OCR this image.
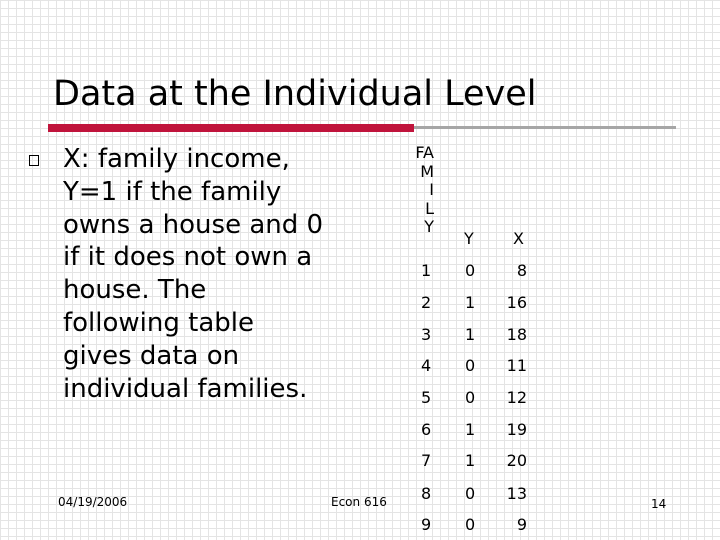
Data at the Individual Level
X: family income,
Y=1 if the family
owns a house and 0
if it does not own a
house. The
following table
gives data on
individual families.
FA
M
I
L
Y
Y X
1 0	8
2 1 16
3 1 18
4 0 11
5 0 12
6 1 19
7 1 20
8 0 13
9 0	9
04/19/2006	Econ 616	14
